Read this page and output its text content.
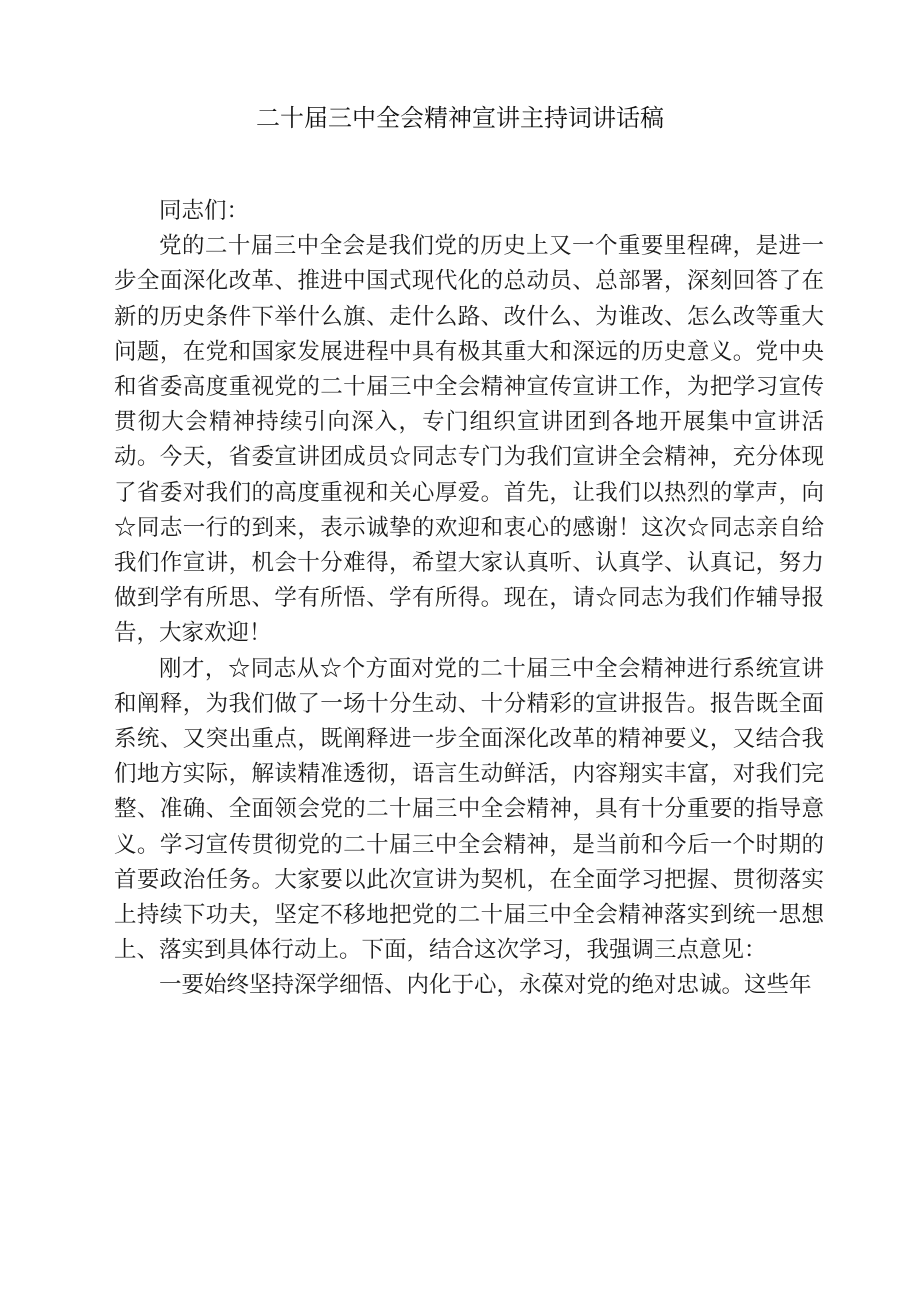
二十届三中全会精神宣讲主持词讲话稿

同志们：

党的二十届三中全会是我们党的历史上又一个重要里程碑，是进一步全面深化改革、推进中国式现代化的总动员、总部署，深刻回答了在新的历史条件下举什么旗、走什么路、改什么、为谁改、怎么改等重大问题，在党和国家发展进程中具有极其重大和深远的历史意义。党中央和省委高度重视党的二十届三中全会精神宣传宣讲工作，为把学习宣传贯彻大会精神持续引向深入，专门组织宣讲团到各地开展集中宣讲活动。今天，省委宣讲团成员☆同志专门为我们宣讲全会精神，充分体现了省委对我们的高度重视和关心厚爱。首先，让我们以热烈的掌声，向☆同志一行的到来，表示诚挚的欢迎和衷心的感谢！这次☆同志亲自给我们作宣讲，机会十分难得，希望大家认真听、认真学、认真记，努力做到学有所思、学有所悟、学有所得。现在，请☆同志为我们作辅导报告，大家欢迎！

刚才，☆同志从☆个方面对党的二十届三中全会精神进行系统宣讲和阐释，为我们做了一场十分生动、十分精彩的宣讲报告。报告既全面系统、又突出重点，既阐释进一步全面深化改革的精神要义，又结合我们地方实际，解读精准透彻，语言生动鲜活，内容翔实丰富，对我们完整、准确、全面领会党的二十届三中全会精神，具有十分重要的指导意义。学习宣传贯彻党的二十届三中全会精神，是当前和今后一个时期的首要政治任务。大家要以此次宣讲为契机，在全面学习把握、贯彻落实上持续下功夫，坚定不移地把党的二十届三中全会精神落实到统一思想上、落实到具体行动上。下面，结合这次学习，我强调三点意见：

一要始终坚持深学细悟、内化于心，永葆对党的绝对忠诚。这些年
